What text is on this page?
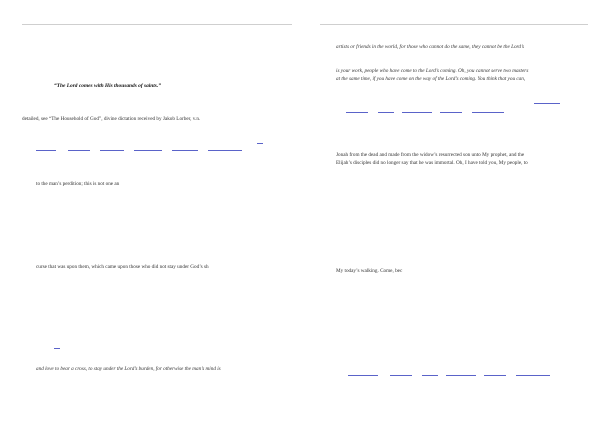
“The Lord comes with His thousands of saints.”
detailed, see “The Household of God”, divine dictation received by Jakob Lorber, v.n.
to the man’s perdition; this is not one an
curse that was upon them, which came upon those who did not stay under God’s sh
and love to bear a cross, to stay under the Lord’s burden, for otherwise the man’s mind is
artists or friends in the world, for those who cannot do the same, they cannot be the Lord’s
is your work, people who have come to the Lord’s coming. Oh, you cannot serve two masters
at the same time, if you have come on the way of the Lord’s coming. You think that you can,
Jonah from the dead and made from the widow’s resurrected son unto My prophet, and the
Elijah’s disciples did no longer say that he was immortal. Oh, I have told you, My people, to
My today’s walking. Come, bec
